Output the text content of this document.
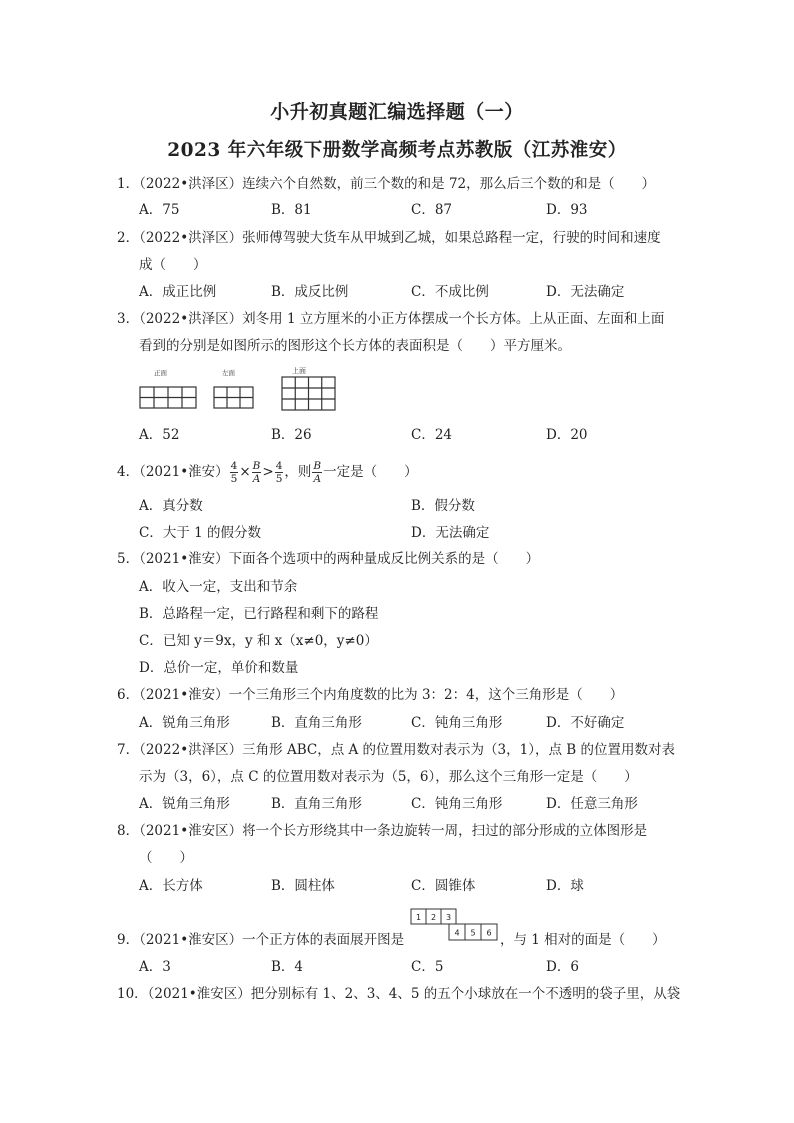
小升初真题汇编选择题（一）
2023 年六年级下册数学高频考点苏教版（江苏淮安）
1．（2022•洪泽区）连续六个自然数，前三个数的和是 72，那么后三个数的和是（　　）
A．75	B．81	C．87	D．93
2．（2022•洪泽区）张师傅驾驶大货车从甲城到乙城，如果总路程一定，行驶的时间和速度
成（　　）
A．成正比例	B．成反比例	C．不成比例	D．无法确定
3．（2022•洪泽区）刘冬用 1 立方厘米的小正方体摆成一个长方体。上从正面、左面和上面
看到的分别是如图所示的图形这个长方体的表面积是（　　）平方厘米。
正面	左面	上面
A．52	B．26	C．24	D．20
4．（2021•淮安） $\frac{4}{5} \times \frac{B}{A} > \frac{4}{5}$ ，则 $\frac{B}{A}$ 一定是（　　）
A．真分数	B．假分数
C．大于 1 的假分数	D．无法确定
5．（2021•淮安）下面各个选项中的两种量成反比例关系的是（　　）
A．收入一定，支出和节余
B．总路程一定，已行路程和剩下的路程
C．已知 y＝9x，y 和 x（x≠0，y≠0）
D．总价一定，单价和数量
6．（2021•淮安）一个三角形三个内角度数的比为 3：2：4，这个三角形是（　　）
A．锐角三角形	B．直角三角形	C．钝角三角形	D．不好确定
7．（2022•洪泽区）三角形 ABC，点 A 的位置用数对表示为（3，1），点 B 的位置用数对表
示为（3，6），点 C 的位置用数对表示为（5，6），那么这个三角形一定是（　　）
A．锐角三角形	B．直角三角形	C．钝角三角形	D．任意三角形
8．（2021•淮安区）将一个长方形绕其中一条边旋转一周，扫过的部分形成的立体图形是
（　　）
A．长方体	B．圆柱体	C．圆锥体	D．球
9．（2021•淮安区）一个正方体的表面展开图是
1 2 3
4 5 6 ，与 1 相对的面是（　　）
A．3	B．4	C．5	D．6
10．（2021•淮安区）把分别标有 1、2、3、4、5 的五个小球放在一个不透明的袋子里，从袋
